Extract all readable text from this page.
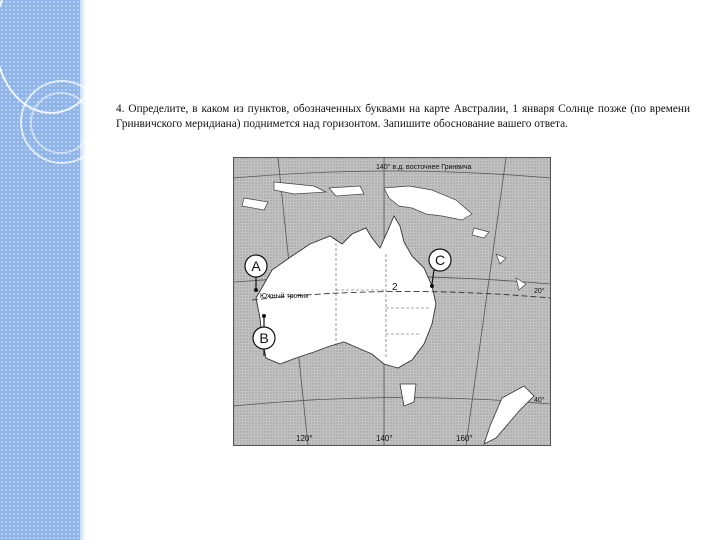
4. Определите, в каком из пунктов, обозначенных буквами на карте Австралии, 1 января Солнце позже (по времени Гринвичского меридиана) поднимется над горизонтом. Запишите обоснование вашего ответа.
2
Южный тропик
140° в.д. восточнее Гринвича
120°	140°	160°
20°
40°
A
B
C
